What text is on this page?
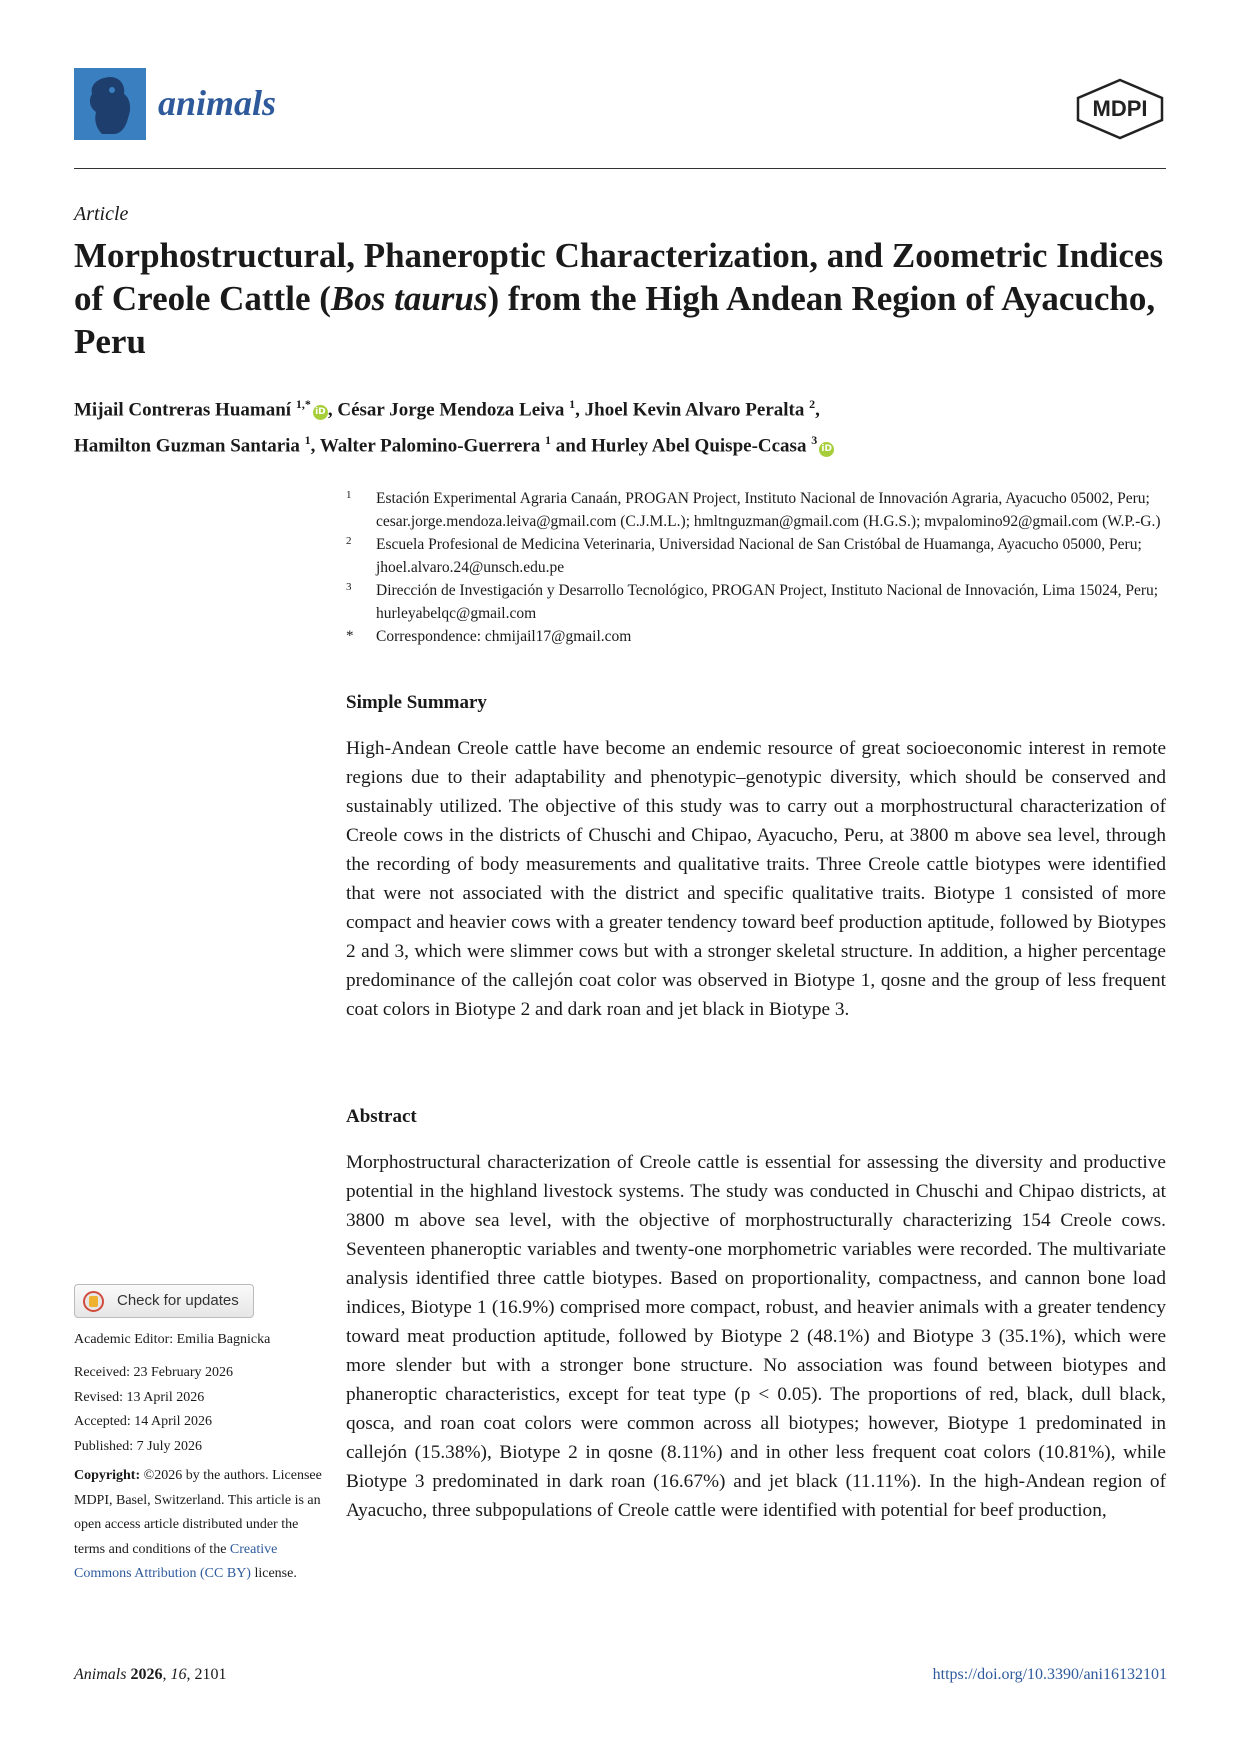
animals	MDPI
Article
Morphostructural, Phaneroptic Characterization, and Zoometric Indices of Creole Cattle (Bos taurus) from the High Andean Region of Ayacucho, Peru
Mijail Contreras Huamaní $^{1,*}$iD , César Jorge Mendoza Leiva $^1$, Jhoel Kevin Alvaro Peralta $^2$,
Hamilton Guzman Santaria $^1$, Walter Palomino-Guerrera $^1$ and Hurley Abel Quispe-Ccasa $^3$iD
1 Estación Experimental Agraria Canaán, PROGAN Project, Instituto Nacional de Innovación Agraria, Ayacucho 05002, Peru; cesar.jorge.mendoza.leiva@gmail.com (C.J.M.L.); hmltnguzman@gmail.com (H.G.S.); mvpalomino92@gmail.com (W.P.-G.)
2 Escuela Profesional de Medicina Veterinaria, Universidad Nacional de San Cristóbal de Huamanga, Ayacucho 05000, Peru; jhoel.alvaro.24@unsch.edu.pe
3 Dirección de Investigación y Desarrollo Tecnológico, PROGAN Project, Instituto Nacional de Innovación, Lima 15024, Peru; hurleyabelqc@gmail.com
* Correspondence: chmijail17@gmail.com
Simple Summary

High-Andean Creole cattle have become an endemic resource of great socioeconomic interest in remote regions due to their adaptability and phenotypic–genotypic diversity, which should be conserved and sustainably utilized. The objective of this study was to carry out a morphostructural characterization of Creole cows in the districts of Chuschi and Chipao, Ayacucho, Peru, at 3800 m above sea level, through the recording of body measurements and qualitative traits. Three Creole cattle biotypes were identified that were not associated with the district and specific qualitative traits. Biotype 1 consisted of more compact and heavier cows with a greater tendency toward beef production aptitude, followed by Biotypes 2 and 3, which were slimmer cows but with a stronger skeletal structure. In addition, a higher percentage predominance of the callejón coat color was observed in Biotype 1, qosne and the group of less frequent coat colors in Biotype 2 and dark roan and jet black in Biotype 3.

Abstract

Morphostructural characterization of Creole cattle is essential for assessing the diversity and productive potential in the highland livestock systems. The study was conducted in Chuschi and Chipao districts, at 3800 m above sea level, with the objective of morphostructurally characterizing 154 Creole cows. Seventeen phaneroptic variables and twenty-one morphometric variables were recorded. The multivariate analysis identified three cattle biotypes. Based on proportionality, compactness, and cannon bone load indices, Biotype 1 (16.9%) comprised more compact, robust, and heavier animals with a greater tendency toward meat production aptitude, followed by Biotype 2 (48.1%) and Biotype 3 (35.1%), which were more slender but with a stronger bone structure. No association was found between biotypes and phaneroptic characteristics, except for teat type (p < 0.05). The proportions of red, black, dull black, qosca, and roan coat colors were common across all biotypes; however, Biotype 1 predominated in callejón (15.38%), Biotype 2 in qosne (8.11%) and in other less frequent coat colors (10.81%), while Biotype 3 predominated in dark roan (16.67%) and jet black (11.11%). In the high-Andean region of Ayacucho, three subpopulations of Creole cattle were identified with potential for beef production,

Check for updates
Academic Editor: Emilia Bagnicka
Received: 23 February 2026
Revised: 13 April 2026
Accepted: 14 April 2026
Published: 7 July 2026
Copyright: ©2026 by the authors. Licensee MDPI, Basel, Switzerland. This article is an open access article distributed under the terms and conditions of the Creative Commons Attribution (CC BY) license.
Animals 2026, 16, 2101	https://doi.org/10.3390/ani16132101
